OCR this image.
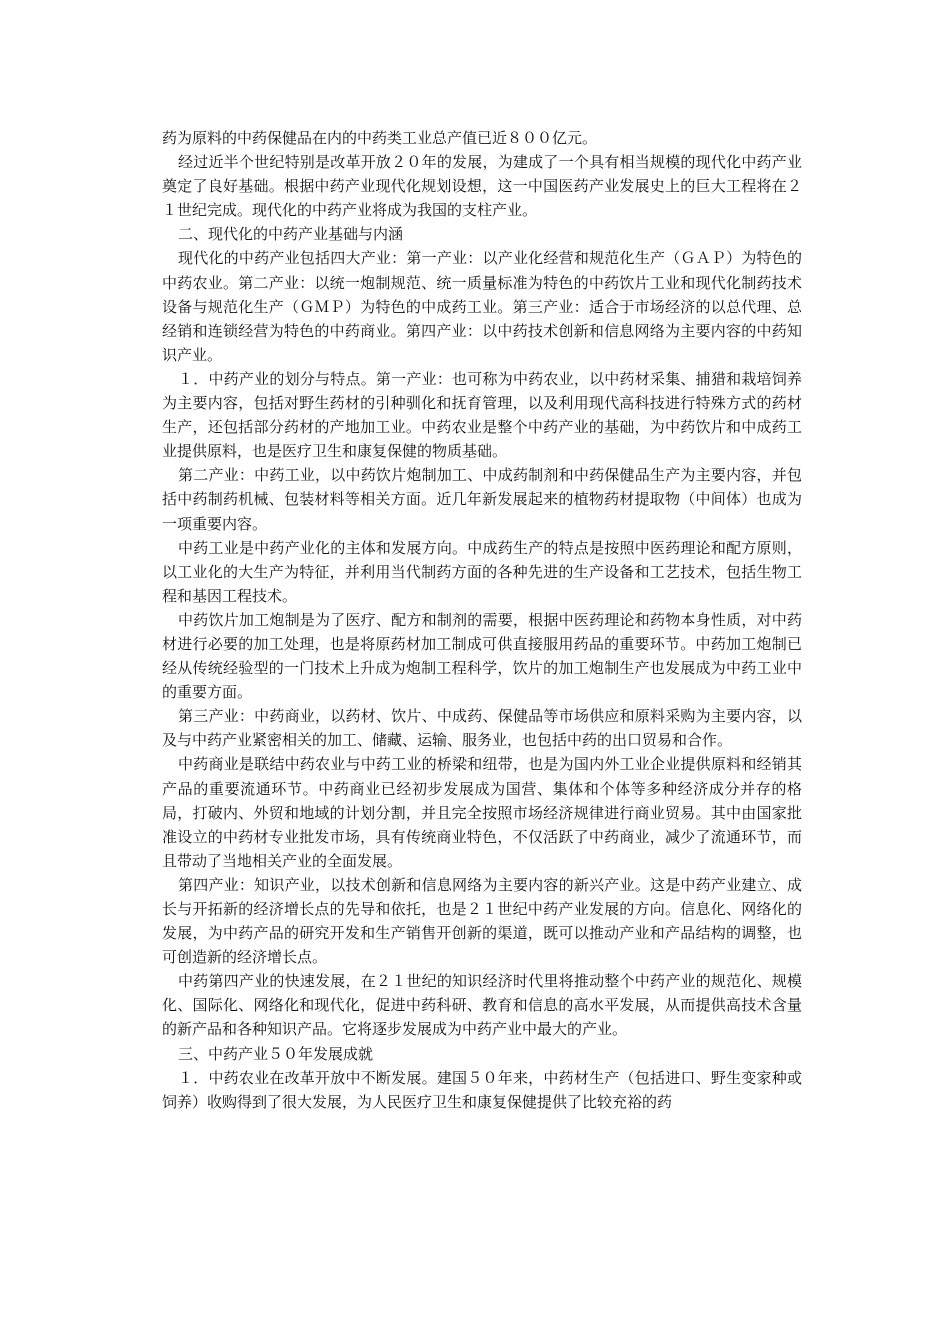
药为原料的中药保健品在内的中药类工业总产值已近８００亿元。

经过近半个世纪特别是改革开放２０年的发展，为建成了一个具有相当规模的现代化中药产业奠定了良好基础。根据中药产业现代化规划设想，这一中国医药产业发展史上的巨大工程将在２１世纪完成。现代化的中药产业将成为我国的支柱产业。

二、现代化的中药产业基础与内涵

现代化的中药产业包括四大产业：第一产业：以产业化经营和规范化生产（ＧＡＰ）为特色的中药农业。第二产业：以统一炮制规范、统一质量标准为特色的中药饮片工业和现代化制药技术设备与规范化生产（ＧＭＰ）为特色的中成药工业。第三产业：适合于市场经济的以总代理、总经销和连锁经营为特色的中药商业。第四产业：以中药技术创新和信息网络为主要内容的中药知识产业。

１．中药产业的划分与特点。第一产业：也可称为中药农业，以中药材采集、捕猎和栽培饲养为主要内容，包括对野生药材的引种驯化和抚育管理，以及利用现代高科技进行特殊方式的药材生产，还包括部分药材的产地加工业。中药农业是整个中药产业的基础，为中药饮片和中成药工业提供原料，也是医疗卫生和康复保健的物质基础。

第二产业：中药工业，以中药饮片炮制加工、中成药制剂和中药保健品生产为主要内容，并包括中药制药机械、包装材料等相关方面。近几年新发展起来的植物药材提取物（中间体）也成为一项重要内容。

中药工业是中药产业化的主体和发展方向。中成药生产的特点是按照中医药理论和配方原则，以工业化的大生产为特征，并利用当代制药方面的各种先进的生产设备和工艺技术，包括生物工程和基因工程技术。

中药饮片加工炮制是为了医疗、配方和制剂的需要，根据中医药理论和药物本身性质，对中药材进行必要的加工处理，也是将原药材加工制成可供直接服用药品的重要环节。中药加工炮制已经从传统经验型的一门技术上升成为炮制工程科学，饮片的加工炮制生产也发展成为中药工业中的重要方面。

第三产业：中药商业，以药材、饮片、中成药、保健品等市场供应和原料采购为主要内容，以及与中药产业紧密相关的加工、储藏、运输、服务业，也包括中药的出口贸易和合作。

中药商业是联结中药农业与中药工业的桥梁和纽带，也是为国内外工业企业提供原料和经销其产品的重要流通环节。中药商业已经初步发展成为国营、集体和个体等多种经济成分并存的格局，打破内、外贸和地域的计划分割，并且完全按照市场经济规律进行商业贸易。其中由国家批准设立的中药材专业批发市场，具有传统商业特色，不仅活跃了中药商业，减少了流通环节，而且带动了当地相关产业的全面发展。

第四产业：知识产业，以技术创新和信息网络为主要内容的新兴产业。这是中药产业建立、成长与开拓新的经济增长点的先导和依托，也是２１世纪中药产业发展的方向。信息化、网络化的发展，为中药产品的研究开发和生产销售开创新的渠道，既可以推动产业和产品结构的调整，也可创造新的经济增长点。

中药第四产业的快速发展，在２１世纪的知识经济时代里将推动整个中药产业的规范化、规模化、国际化、网络化和现代化，促进中药科研、教育和信息的高水平发展，从而提供高技术含量的新产品和各种知识产品。它将逐步发展成为中药产业中最大的产业。

三、中药产业５０年发展成就

１．中药农业在改革开放中不断发展。建国５０年来，中药材生产（包括进口、野生变家种或饲养）收购得到了很大发展，为人民医疗卫生和康复保健提供了比较充裕的药
